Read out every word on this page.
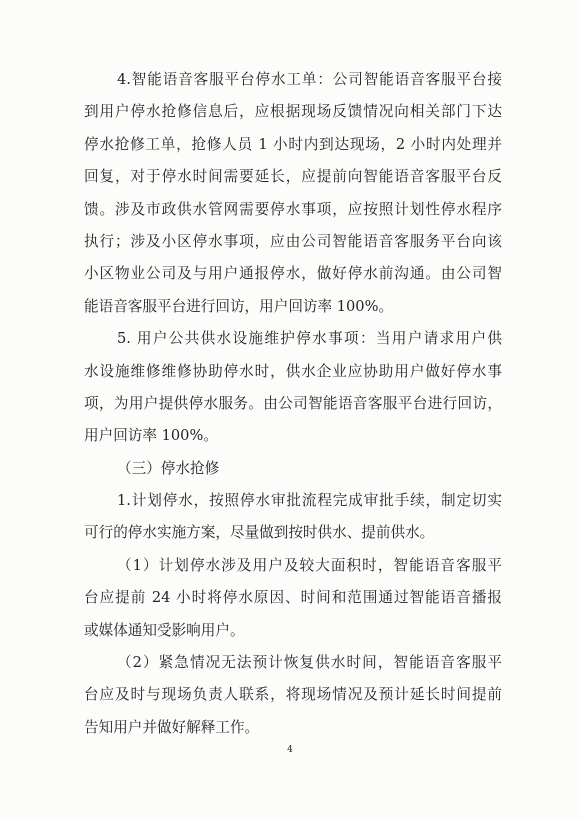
4.智能语音客服平台停水工单：公司智能语音客服平台接
到用户停水抢修信息后，应根据现场反馈情况向相关部门下达
停水抢修工单，抢修人员 1 小时内到达现场，2 小时内处理并
回复，对于停水时间需要延长，应提前向智能语音客服平台反
馈。涉及市政供水管网需要停水事项，应按照计划性停水程序
执行；涉及小区停水事项，应由公司智能语音客服务平台向该
小区物业公司及与用户通报停水，做好停水前沟通。由公司智
能语音客服平台进行回访，用户回访率 100%。
5. 用户公共供水设施维护停水事项：当用户请求用户供
水设施维修维修协助停水时，供水企业应协助用户做好停水事
项，为用户提供停水服务。由公司智能语音客服平台进行回访，
用户回访率 100%。
（三）停水抢修
1.计划停水，按照停水审批流程完成审批手续，制定切实
可行的停水实施方案，尽量做到按时供水、提前供水。
（1）计划停水涉及用户及较大面积时，智能语音客服平
台应提前 24 小时将停水原因、时间和范围通过智能语音播报
或媒体通知受影响用户。
（2）紧急情况无法预计恢复供水时间，智能语音客服平
台应及时与现场负责人联系，将现场情况及预计延长时间提前
告知用户并做好解释工作。
4
